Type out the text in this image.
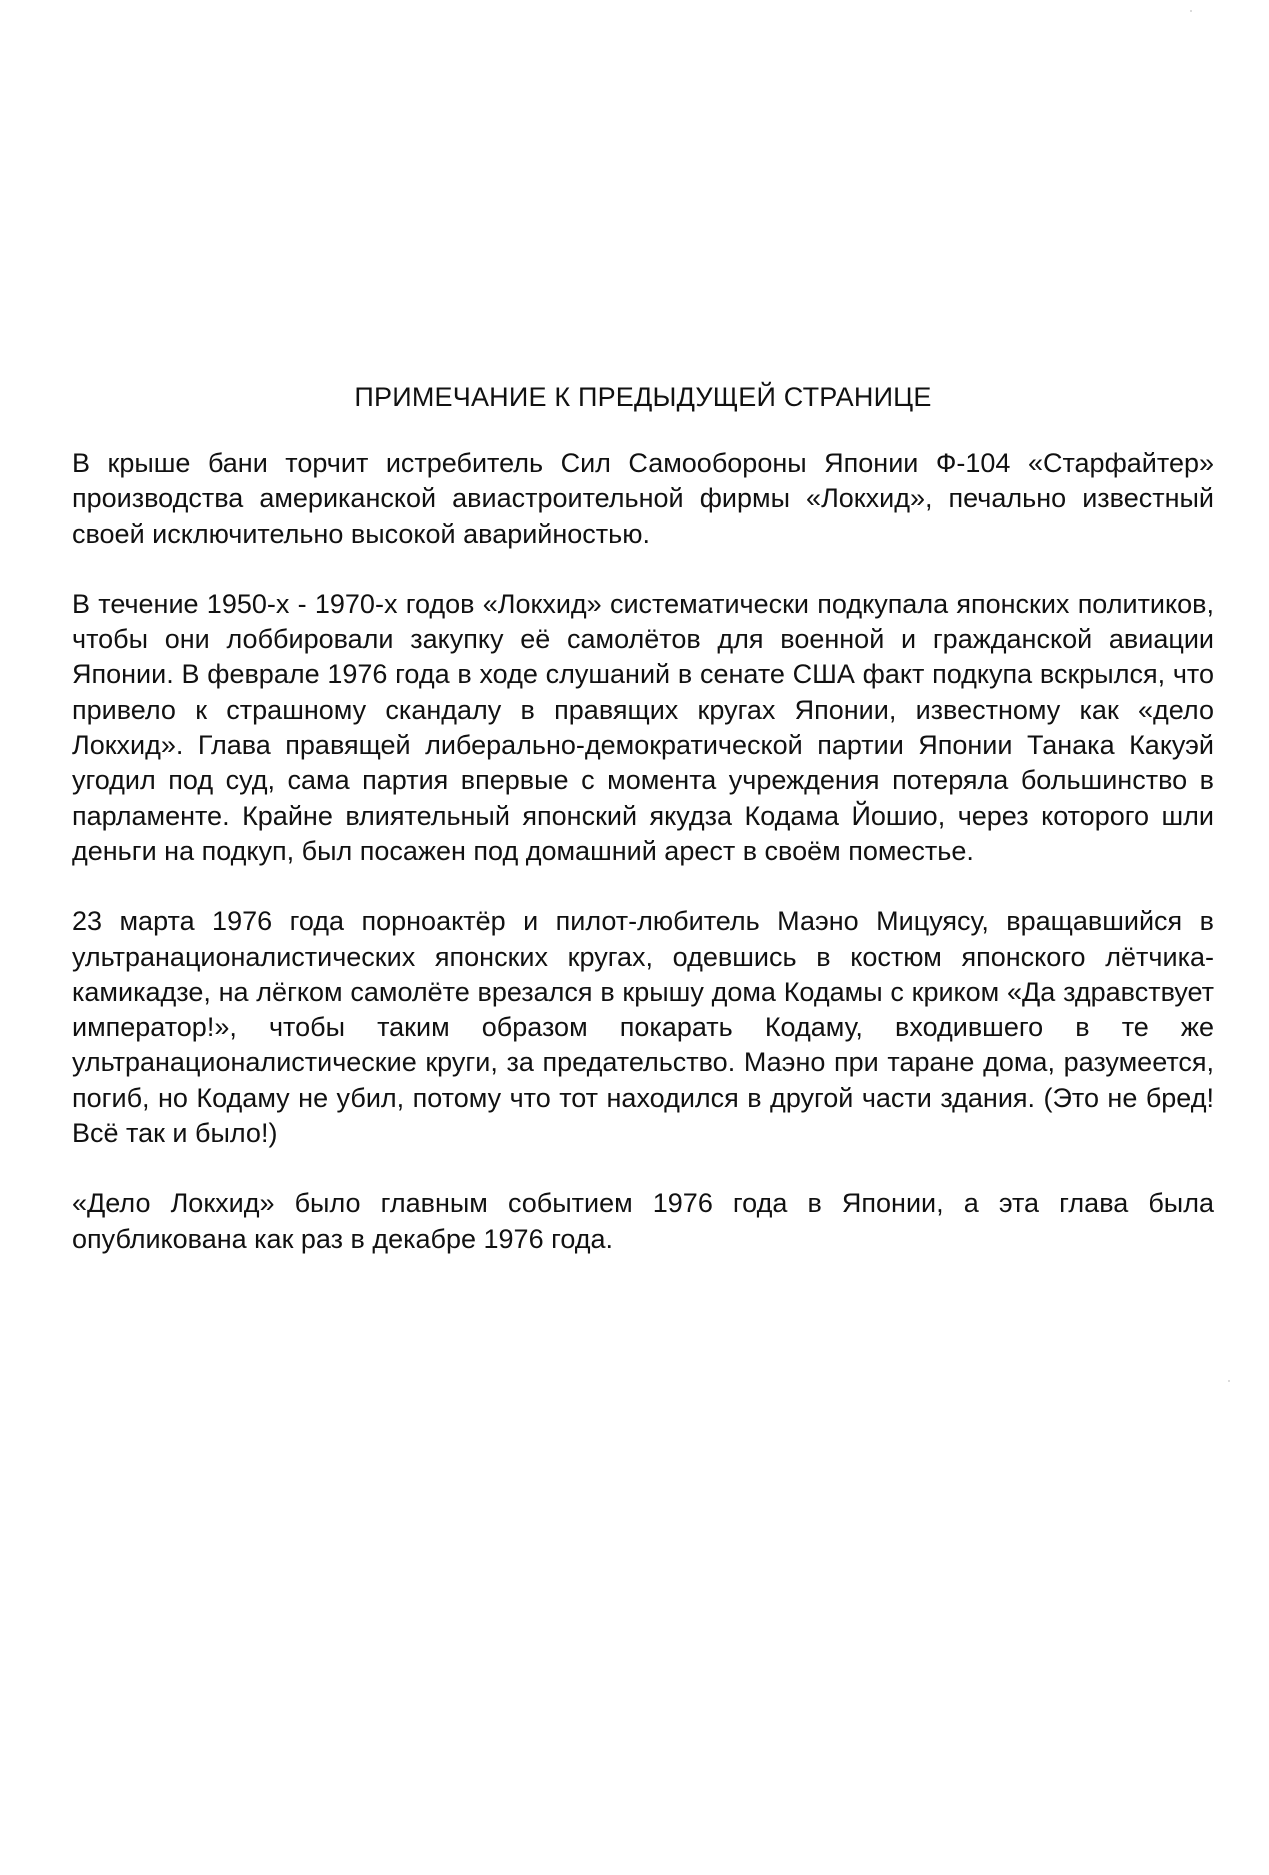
ПРИМЕЧАНИЕ К ПРЕДЫДУЩЕЙ СТРАНИЦЕ

В крыше бани торчит истребитель Сил Самообороны Японии Ф-104 «Старфайтер» производства американской авиастроительной фирмы «Локхид», печально известный своей исключительно высокой аварийностью.

В течение 1950-х - 1970-х годов «Локхид» систематически подкупала японских политиков, чтобы они лоббировали закупку её самолётов для военной и гражданской авиации Японии. В феврале 1976 года в ходе слушаний в сенате США факт подкупа вскрылся, что привело к страшному скандалу в правящих кругах Японии, известному как «дело Локхид». Глава правящей либерально-демократической партии Японии Танака Какуэй угодил под суд, сама партия впервые с момента учреждения потеряла большинство в парламенте. Крайне влиятельный японский якудза Кодама Йошио, через которого шли деньги на подкуп, был посажен под домашний арест в своём поместье.

23 марта 1976 года порноактёр и пилот-любитель Маэно Мицуясу, вращавшийся в ультранационалистических японских кругах, одевшись в костюм японского лётчика-камикадзе, на лёгком самолёте врезался в крышу дома Кодамы с криком «Да здравствует император!», чтобы таким образом покарать Кодаму, входившего в те же ультранационалистические круги, за предательство. Маэно при таране дома, разумеется, погиб, но Кодаму не убил, потому что тот находился в другой части здания. (Это не бред! Всё так и было!)

«Дело Локхид» было главным событием 1976 года в Японии, а эта глава была опубликована как раз в декабре 1976 года.
